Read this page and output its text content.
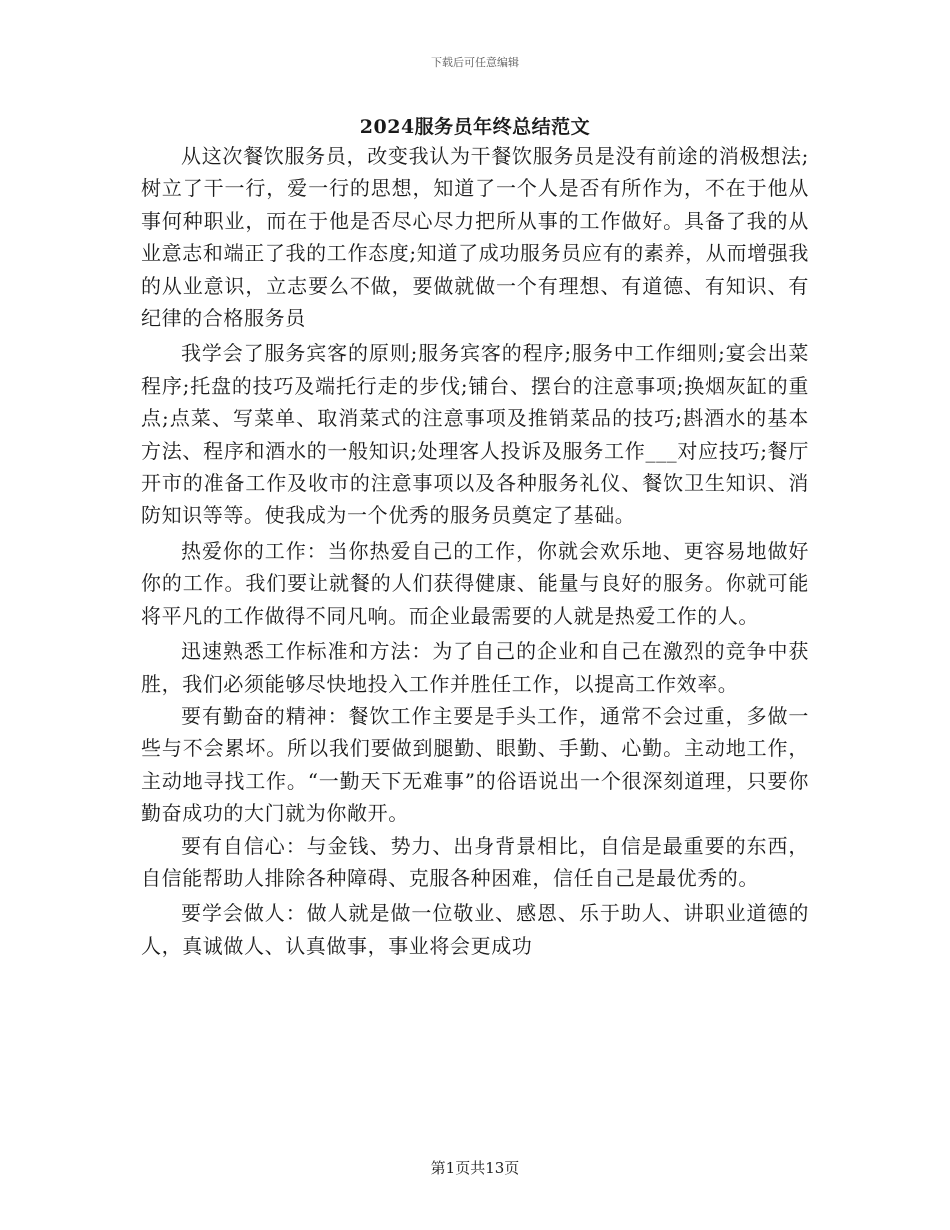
下载后可任意编辑
2024服务员年终总结范文

从这次餐饮服务员，改变我认为干餐饮服务员是没有前途的消极想法;树立了干一行，爱一行的思想，知道了一个人是否有所作为，不在于他从事何种职业，而在于他是否尽心尽力把所从事的工作做好。具备了我的从业意志和端正了我的工作态度;知道了成功服务员应有的素养，从而增强我的从业意识，立志要么不做，要做就做一个有理想、有道德、有知识、有纪律的合格服务员

我学会了服务宾客的原则;服务宾客的程序;服务中工作细则;宴会出菜程序;托盘的技巧及端托行走的步伐;铺台、摆台的注意事项;换烟灰缸的重点;点菜、写菜单、取消菜式的注意事项及推销菜品的技巧;斟酒水的基本方法、程序和酒水的一般知识;处理客人投诉及服务工作___对应技巧;餐厅开市的准备工作及收市的注意事项以及各种服务礼仪、餐饮卫生知识、消防知识等等。使我成为一个优秀的服务员奠定了基础。

热爱你的工作：当你热爱自己的工作，你就会欢乐地、更容易地做好你的工作。我们要让就餐的人们获得健康、能量与良好的服务。你就可能将平凡的工作做得不同凡响。而企业最需要的人就是热爱工作的人。

迅速熟悉工作标准和方法：为了自己的企业和自己在激烈的竞争中获胜，我们必须能够尽快地投入工作并胜任工作，以提高工作效率。

要有勤奋的精神：餐饮工作主要是手头工作，通常不会过重，多做一些与不会累坏。所以我们要做到腿勤、眼勤、手勤、心勤。主动地工作，主动地寻找工作。“一勤天下无难事”的俗语说出一个很深刻道理，只要你勤奋成功的大门就为你敞开。

要有自信心：与金钱、势力、出身背景相比，自信是最重要的东西，自信能帮助人排除各种障碍、克服各种困难，信任自己是最优秀的。

要学会做人：做人就是做一位敬业、感恩、乐于助人、讲职业道德的人，真诚做人、认真做事，事业将会更成功

第1页共13页
